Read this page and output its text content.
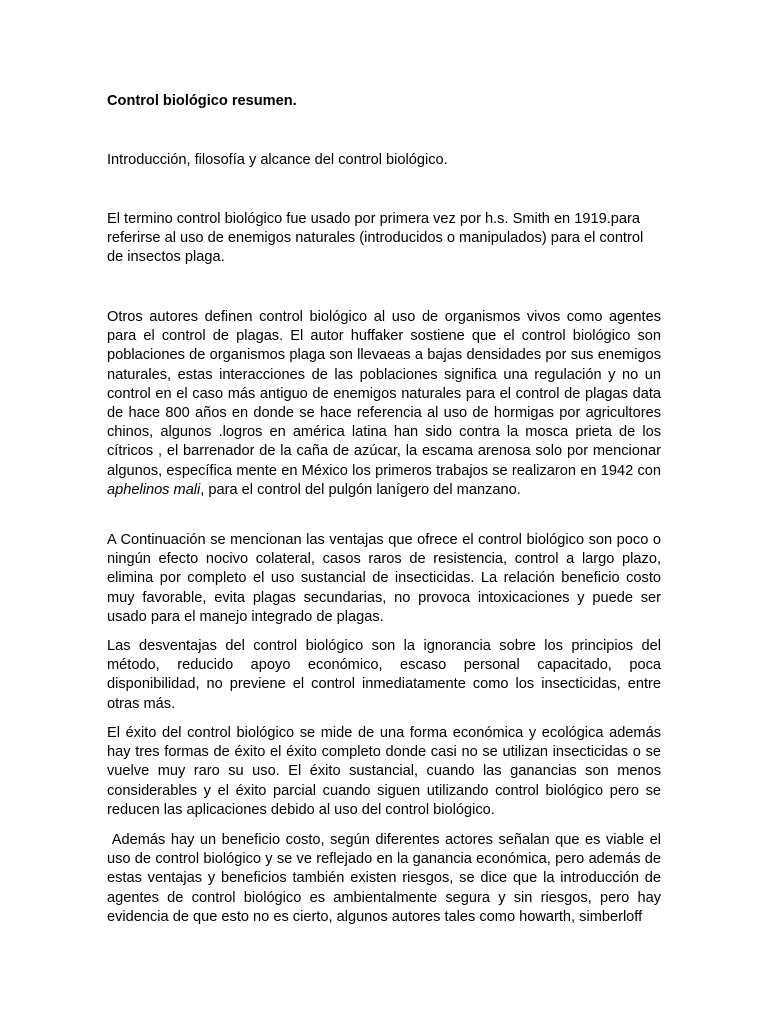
Control biológico resumen.

Introducción, filosofía y alcance del control biológico.

El termino control biológico fue usado por primera vez por h.s. Smith en 1919.para referirse al uso de enemigos naturales (introducidos o manipulados) para el control de insectos plaga.

Otros autores definen control biológico al uso de organismos vivos como agentes para el control de plagas. El autor huffaker sostiene que el control biológico son poblaciones de organismos plaga son llevaeas a bajas densidades por sus enemigos naturales, estas interacciones de las poblaciones significa una regulación y no un control en el caso más antiguo de enemigos naturales para el control de plagas data de hace 800 años en donde se hace referencia al uso de hormigas por agricultores chinos, algunos .logros en américa latina han sido contra la mosca prieta de los cítricos , el barrenador de la caña de azúcar, la escama arenosa solo por mencionar algunos, específica mente en México los primeros trabajos se realizaron en 1942 con aphelinos mali, para el control del pulgón lanígero del manzano.

A Continuación se mencionan las ventajas que ofrece el control biológico son poco o ningún efecto nocivo colateral, casos raros de resistencia, control a largo plazo, elimina por completo el uso sustancial de insecticidas. La relación beneficio costo muy favorable, evita plagas secundarias, no provoca intoxicaciones y puede ser usado para el manejo integrado de plagas.

Las desventajas del control biológico son la ignorancia sobre los principios del método, reducido apoyo económico, escaso personal capacitado, poca disponibilidad, no previene el control inmediatamente como los insecticidas, entre otras más.

El éxito del control biológico se mide de una forma económica y ecológica además hay tres formas de éxito el éxito completo donde casi no se utilizan insecticidas o se vuelve muy raro su uso. El éxito sustancial, cuando las ganancias son menos considerables y el éxito parcial cuando siguen utilizando control biológico pero se reducen las aplicaciones debido al uso del control biológico.

Además hay un beneficio costo, según diferentes actores señalan que es viable el uso de control biológico y se ve reflejado en la ganancia económica, pero además de estas ventajas y beneficios también existen riesgos, se dice que la introducción de agentes de control biológico es ambientalmente segura y sin riesgos, pero hay evidencia de que esto no es cierto, algunos autores tales como howarth, simberloff
